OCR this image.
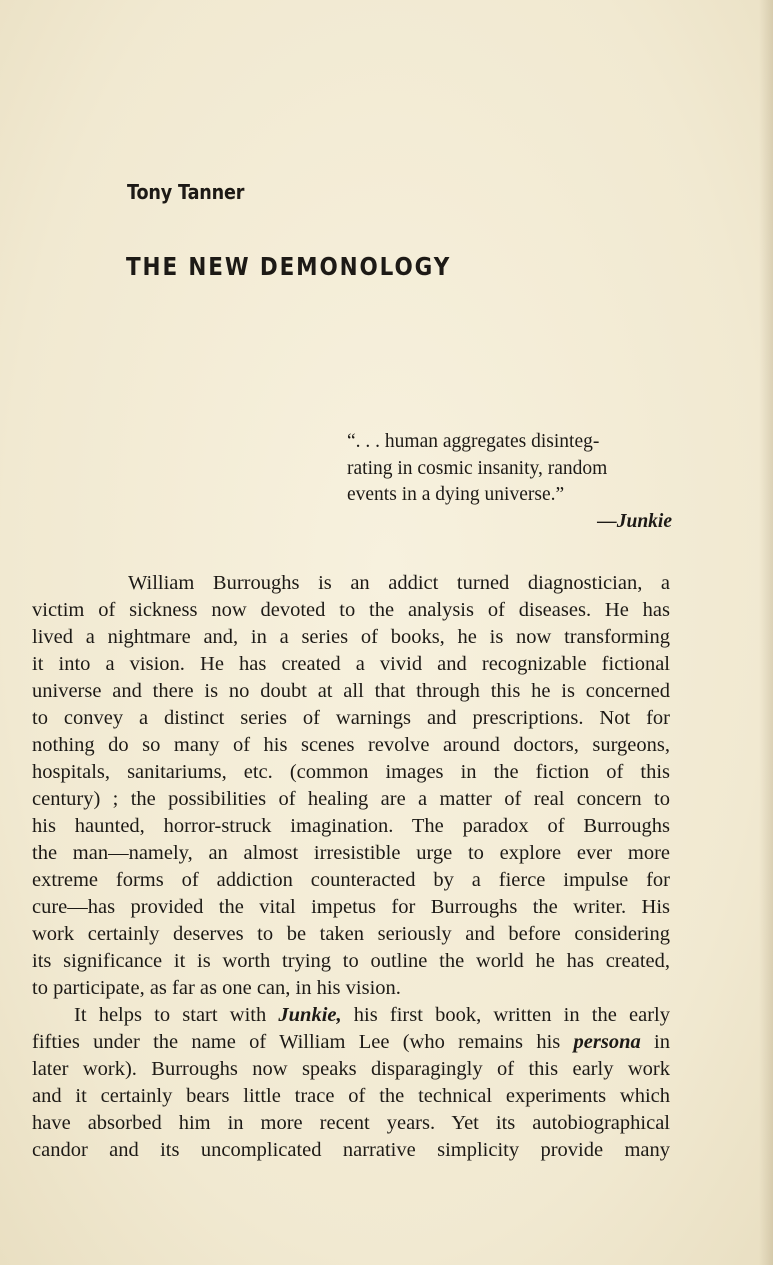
Tony Tanner
THE NEW DEMONOLOGY
“. . . human aggregates disinteg-
rating in cosmic insanity, random
events in a dying universe.”
—Junkie
William Burroughs is an addict turned diagnostician, a
victim of sickness now devoted to the analysis of diseases. He has
lived a nightmare and, in a series of books, he is now transforming
it into a vision. He has created a vivid and recognizable fictional
universe and there is no doubt at all that through this he is concerned
to convey a distinct series of warnings and prescriptions. Not for
nothing do so many of his scenes revolve around doctors, surgeons,
hospitals, sanitariums, etc. (common images in the fiction of this
century) ; the possibilities of healing are a matter of real concern to
his haunted, horror-struck imagination. The paradox of Burroughs
the man—namely, an almost irresistible urge to explore ever more
extreme forms of addiction counteracted by a fierce impulse for
cure—has provided the vital impetus for Burroughs the writer. His
work certainly deserves to be taken seriously and before considering
its significance it is worth trying to outline the world he has created,
to participate, as far as one can, in his vision.
It helps to start with Junkie, his first book, written in the early
fifties under the name of William Lee (who remains his persona in
later work). Burroughs now speaks disparagingly of this early work
and it certainly bears little trace of the technical experiments which
have absorbed him in more recent years. Yet its autobiographical
candor and its uncomplicated narrative simplicity provide many
